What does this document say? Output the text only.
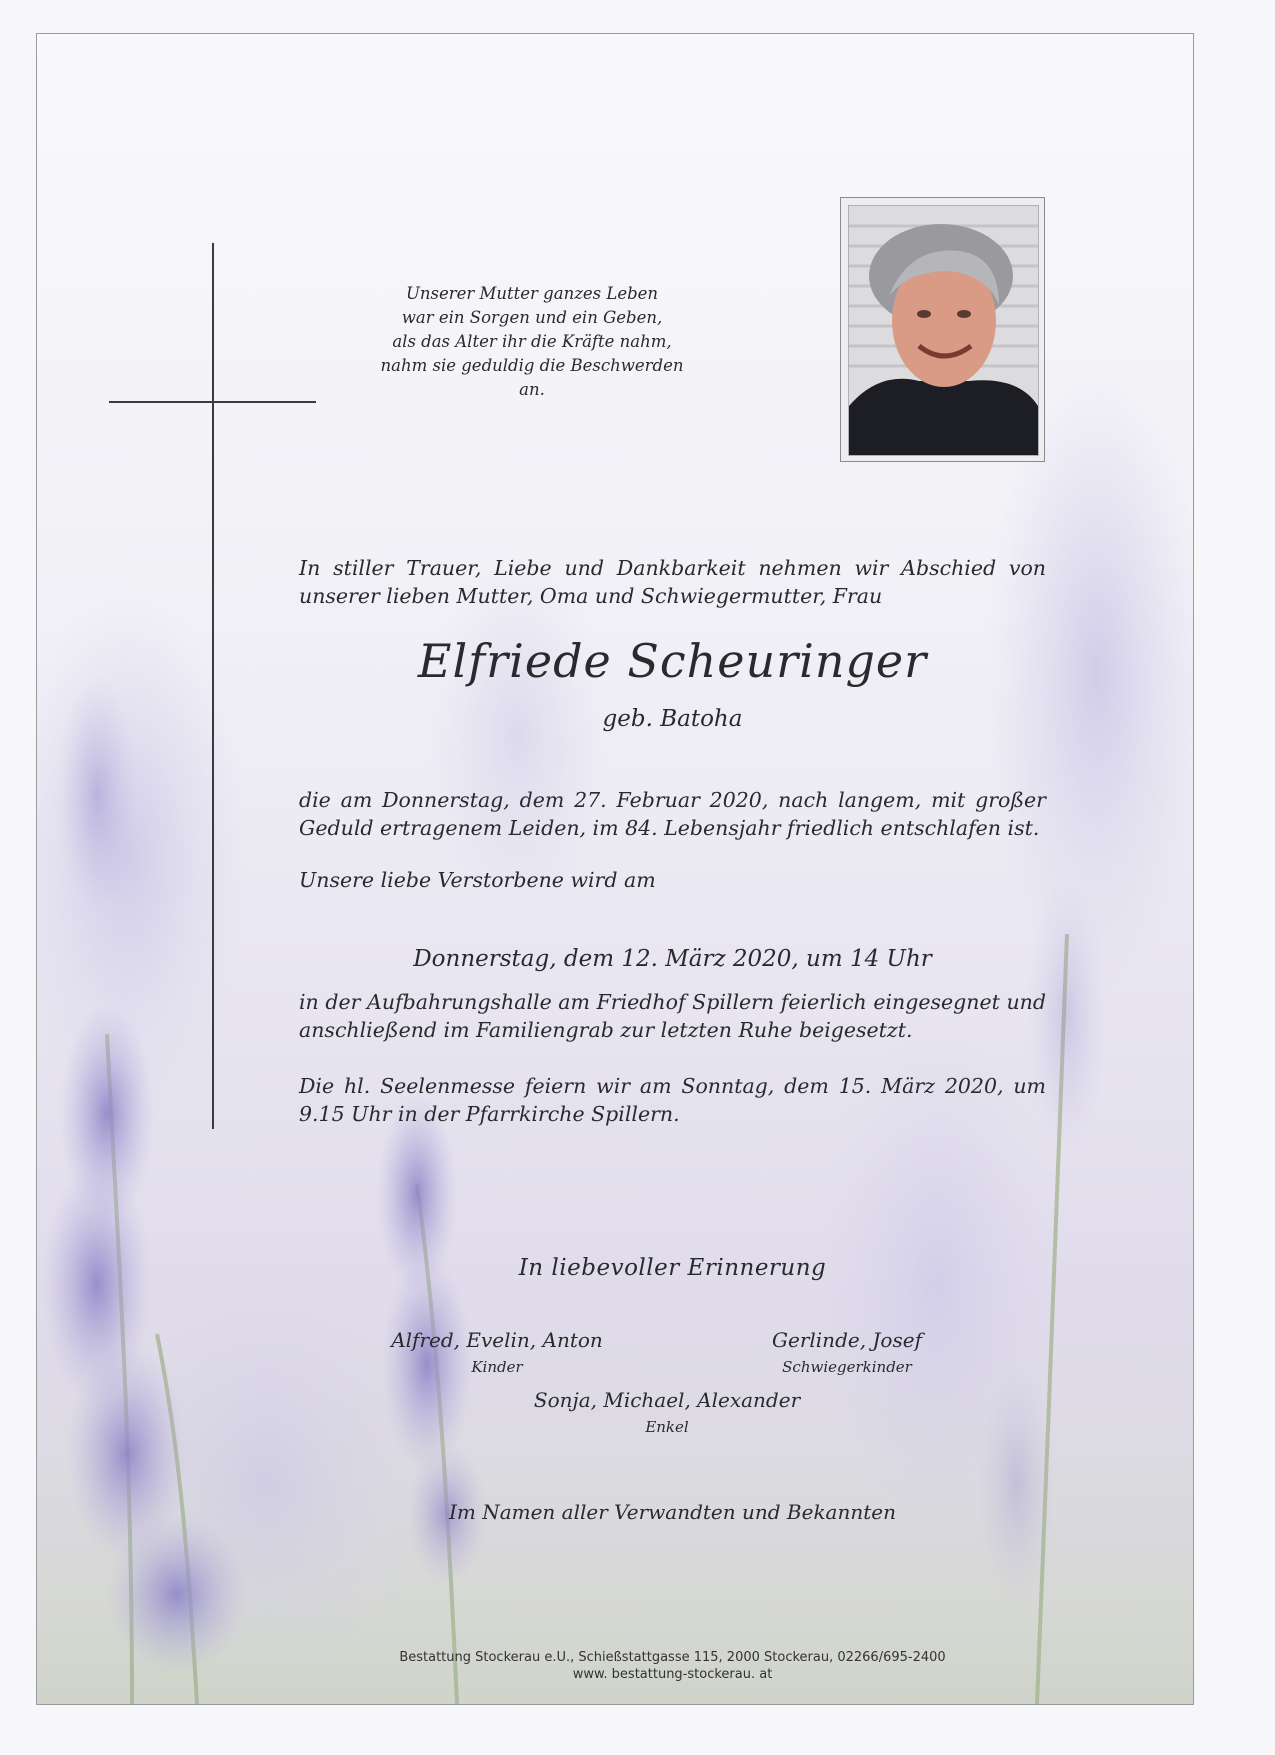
Unserer Mutter ganzes Leben
war ein Sorgen und ein Geben,
als das Alter ihr die Kräfte nahm,
nahm sie geduldig die Beschwerden an.
In stiller Trauer, Liebe und Dankbarkeit nehmen wir Abschied von unserer lieben Mutter, Oma und Schwiegermutter, Frau
Elfriede Scheuringer
geb. Batoha
die am Donnerstag, dem 27. Februar 2020, nach langem, mit großer Geduld ertragenem Leiden, im 84. Lebensjahr friedlich entschlafen ist.
Unsere liebe Verstorbene wird am
Donnerstag, dem 12. März 2020, um 14 Uhr
in der Aufbahrungshalle am Friedhof Spillern feierlich eingesegnet und anschließend im Familiengrab zur letzten Ruhe beigesetzt.
Die hl. Seelenmesse feiern wir am Sonntag, dem 15. März 2020, um 9.15 Uhr in der Pfarrkirche Spillern.
In liebevoller Erinnerung
Alfred, Evelin, Anton
Kinder
Gerlinde, Josef
Schwiegerkinder
Sonja, Michael, Alexander
Enkel
Im Namen aller Verwandten und Bekannten
Bestattung Stockerau e.U., Schießstattgasse 115, 2000 Stockerau, 02266/695-2400
www. bestattung-stockerau. at
